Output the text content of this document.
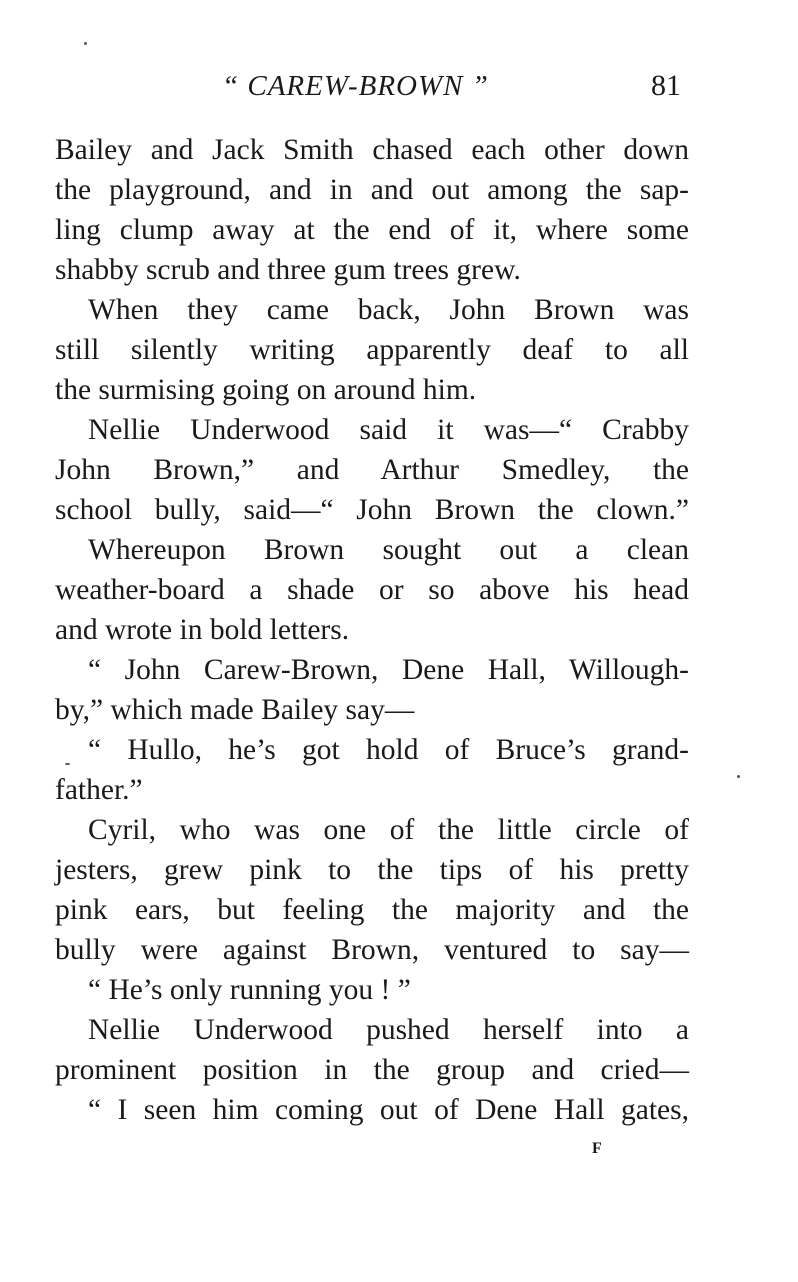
“ CAREW-BROWN ”	81
Bailey and Jack Smith chased each other down
the playground, and in and out among the sap-
ling clump away at the end of it, where some
shabby scrub and three gum trees grew.
When they came back, John Brown was
still silently writing apparently deaf to all
the surmising going on around him.
Nellie Underwood said it was—“ Crabby
John Brown,” and Arthur Smedley, the
school bully, said—“ John Brown the clown.”
Whereupon Brown sought out a clean
weather-board a shade or so above his head
and wrote in bold letters.
“ John Carew-Brown, Dene Hall, Willough-
by,” which made Bailey say—
“ Hullo, he’s got hold of Bruce’s grand-
father.”
Cyril, who was one of the little circle of
jesters, grew pink to the tips of his pretty
pink ears, but feeling the majority and the
bully were against Brown, ventured to say—
“ He’s only running you ! ”
Nellie Underwood pushed herself into a
prominent position in the group and cried—
“ I seen him coming out of Dene Hall gates,
F
